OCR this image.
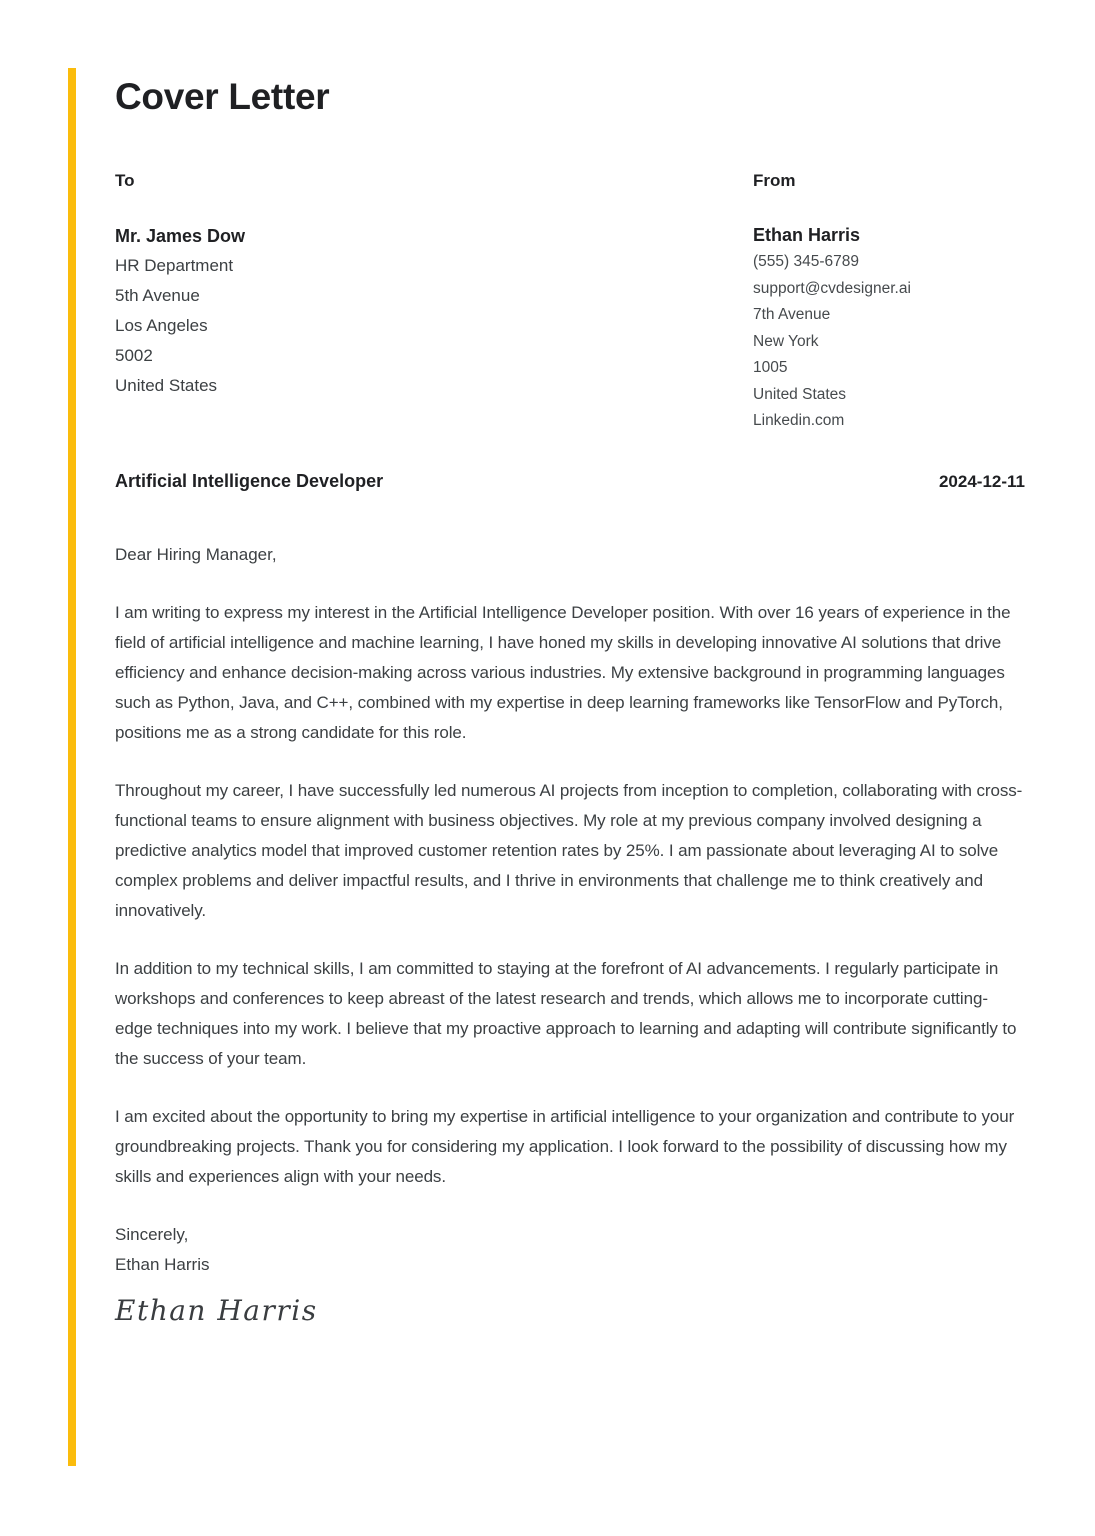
Cover Letter
To
Mr. James Dow
HR Department
5th Avenue
Los Angeles
5002
United States
From
Ethan Harris
(555) 345-6789
support@cvdesigner.ai
7th Avenue
New York
1005
United States
Linkedin.com
Artificial Intelligence Developer	2024-12-11
Dear Hiring Manager,

I am writing to express my interest in the Artificial Intelligence Developer position. With over 16 years of experience in the field of artificial intelligence and machine learning, I have honed my skills in developing innovative AI solutions that drive efficiency and enhance decision-making across various industries. My extensive background in programming languages such as Python, Java, and C++, combined with my expertise in deep learning frameworks like TensorFlow and PyTorch, positions me as a strong candidate for this role.

Throughout my career, I have successfully led numerous AI projects from inception to completion, collaborating with cross-functional teams to ensure alignment with business objectives. My role at my previous company involved designing a predictive analytics model that improved customer retention rates by 25%. I am passionate about leveraging AI to solve complex problems and deliver impactful results, and I thrive in environments that challenge me to think creatively and innovatively.

In addition to my technical skills, I am committed to staying at the forefront of AI advancements. I regularly participate in workshops and conferences to keep abreast of the latest research and trends, which allows me to incorporate cutting-edge techniques into my work. I believe that my proactive approach to learning and adapting will contribute significantly to the success of your team.

I am excited about the opportunity to bring my expertise in artificial intelligence to your organization and contribute to your groundbreaking projects. Thank you for considering my application. I look forward to the possibility of discussing how my skills and experiences align with your needs.

Sincerely,
Ethan Harris
Ethan Harris
